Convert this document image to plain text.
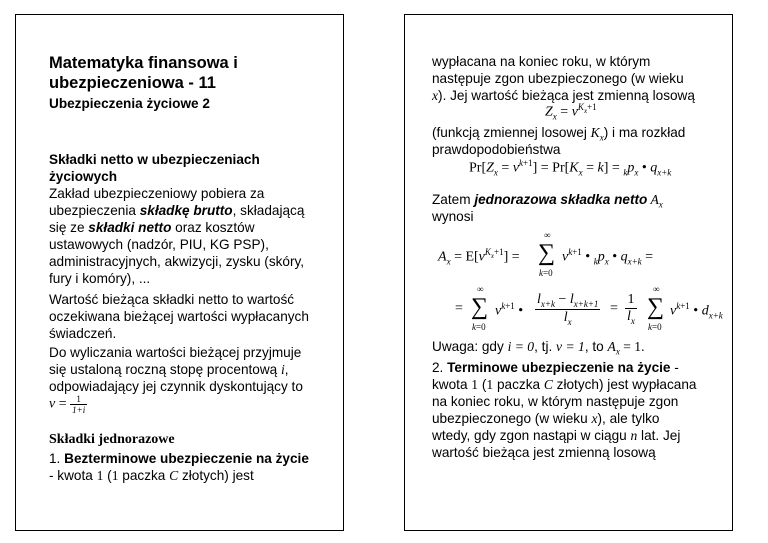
Matematyka finansowa i
ubezpieczeniowa - 11
Ubezpieczenia życiowe 2
Składki netto w ubezpieczeniach
życiowych
Zakład ubezpieczeniowy pobiera za
ubezpieczenia składkę brutto, składającą
się ze składki netto oraz kosztów
ustawowych (nadzór, PIU, KG PSP),
administracyjnych, akwizycji, zysku (skóry,
fury i komóry), ...
Wartość bieżąca składki netto to wartość
oczekiwana bieżącej wartości wypłacanych
świadczeń.
Do wyliczania wartości bieżącej przyjmuje
się ustaloną roczną stopę procentową i,
odpowiadający jej czynnik dyskontujący to
$v = \frac{1}{1+i}$
Składki jednorazowe
1. Bezterminowe ubezpieczenie na życie
- kwota 1 (1 paczka C złotych) jest
wypłacana na koniec roku, w którym
następuje zgon ubezpieczonego (w wieku
x). Jej wartość bieżąca jest zmienną losową
$Z_x = v^{K_x+1}$
(funkcją zmiennej losowej $K_x$) i ma rozkład
prawdopodobieństwa
$Pr[Z_x = v^{k+1}] = Pr[K_x = k] = _kp_x$ • $q_{x+k}$
Zatem jednorazowa składka netto $A_x$
wynosi
$A_x = E[v^{K_x+1}]$ =
∞
∑
k=0
$v^{k+1}$ • $_kp_x$ • $q_{x+k}$ =
=
∞
∑
k=0
$v^{k+1}$ • $\frac{l_{x+k} - l_{x+k+1}}{l_x} = \frac{1}{l_x}$
∞
∑
k=0
$v^{k+1}$ • $d_{x+k}$
Uwaga: gdy i = 0, tj. v = 1, to $A_x = 1$.
2. Terminowe ubezpieczenie na życie -
kwota 1 (1 paczka C złotych) jest wypłacana
na koniec roku, w którym następuje zgon
ubezpieczonego (w wieku x), ale tylko
wtedy, gdy zgon nastąpi w ciągu n lat. Jej
wartość bieżąca jest zmienną losową
